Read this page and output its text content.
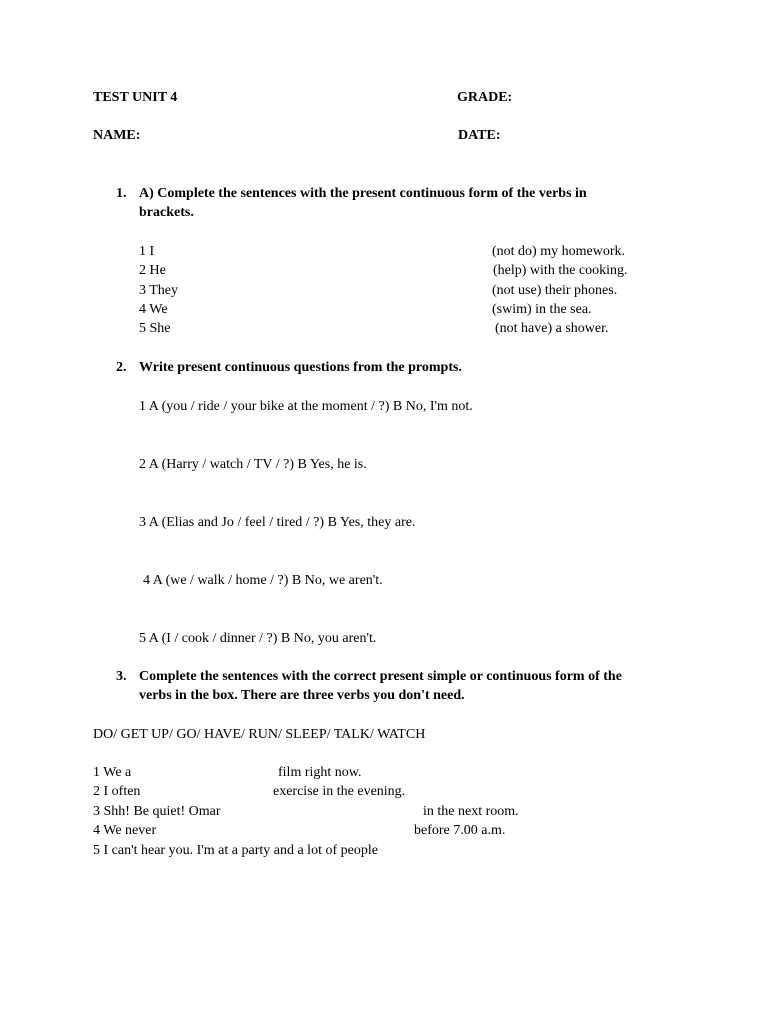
TEST UNIT 4	GRADE:
NAME:	DATE:
1. A) Complete the sentences with the present continuous form of the verbs in
brackets.
1 I	(not do) my homework.
2 He	(help) with the cooking.
3 They	(not use) their phones.
4 We	(swim) in the sea.
5 She	(not have) a shower.
2. Write present continuous questions from the prompts.
1 A (you / ride / your bike at the moment / ?) B No, I'm not.
2 A (Harry / watch / TV / ?) B Yes, he is.
3 A (Elias and Jo / feel / tired / ?) B Yes, they are.
4 A (we / walk / home / ?) B No, we aren't.
5 A (I / cook / dinner / ?) B No, you aren't.
3. Complete the sentences with the correct present simple or continuous form of the
verbs in the box. There are three verbs you don't need.
DO/ GET UP/ GO/ HAVE/ RUN/ SLEEP/ TALK/ WATCH
1 We a	film right now.
2 I often	exercise in the evening.
3 Shh! Be quiet! Omar	in the next room.
4 We never	before 7.00 a.m.
5 I can't hear you. I'm at a party and a lot of people
